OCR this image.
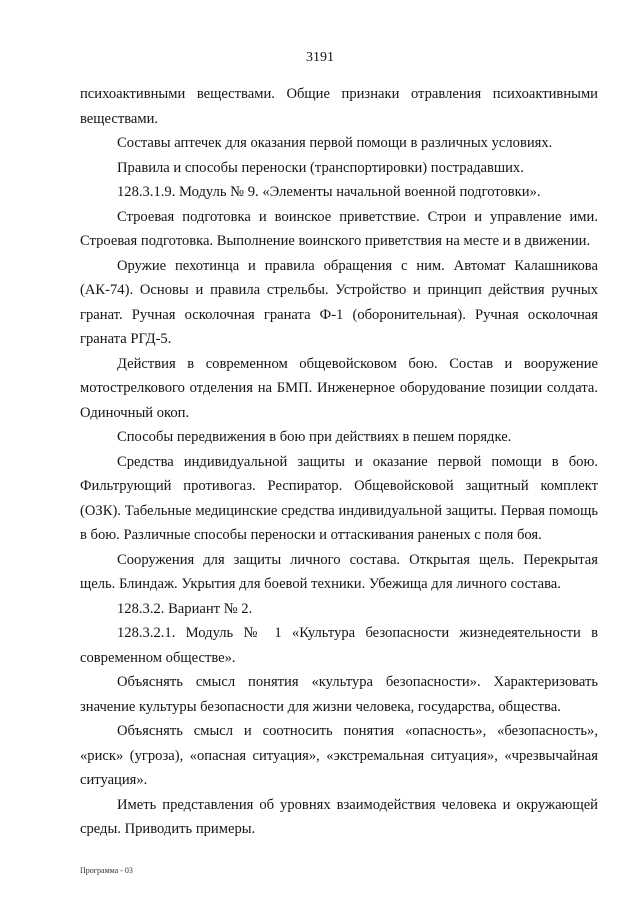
3191

психоактивными веществами. Общие признаки отравления психоактивными веществами.

Составы аптечек для оказания первой помощи в различных условиях.

Правила и способы переноски (транспортировки) пострадавших.

128.3.1.9. Модуль № 9. «Элементы начальной военной подготовки».

Строевая подготовка и воинское приветствие. Строи и управление ими. Строевая подготовка. Выполнение воинского приветствия на месте и в движении.

Оружие пехотинца и правила обращения с ним. Автомат Калашникова (АК-74). Основы и правила стрельбы. Устройство и принцип действия ручных гранат. Ручная осколочная граната Ф-1 (оборонительная). Ручная осколочная граната РГД-5.

Действия в современном общевойсковом бою. Состав и вооружение мотострелкового отделения на БМП. Инженерное оборудование позиции солдата. Одиночный окоп.

Способы передвижения в бою при действиях в пешем порядке.

Средства индивидуальной защиты и оказание первой помощи в бою. Фильтрующий противогаз. Респиратор. Общевойсковой защитный комплект (ОЗК). Табельные медицинские средства индивидуальной защиты. Первая помощь в бою. Различные способы переноски и оттаскивания раненых с поля боя.

Сооружения для защиты личного состава. Открытая щель. Перекрытая щель. Блиндаж. Укрытия для боевой техники. Убежища для личного состава.

128.3.2. Вариант № 2.

128.3.2.1. Модуль № 1 «Культура безопасности жизнедеятельности в современном обществе».

Объяснять смысл понятия «культура безопасности». Характеризовать значение культуры безопасности для жизни человека, государства, общества.

Объяснять смысл и соотносить понятия «опасность», «безопасность», «риск» (угроза), «опасная ситуация», «экстремальная ситуация», «чрезвычайная ситуация».

Иметь представления об уровнях взаимодействия человека и окружающей среды. Приводить примеры.

Программа - 03
